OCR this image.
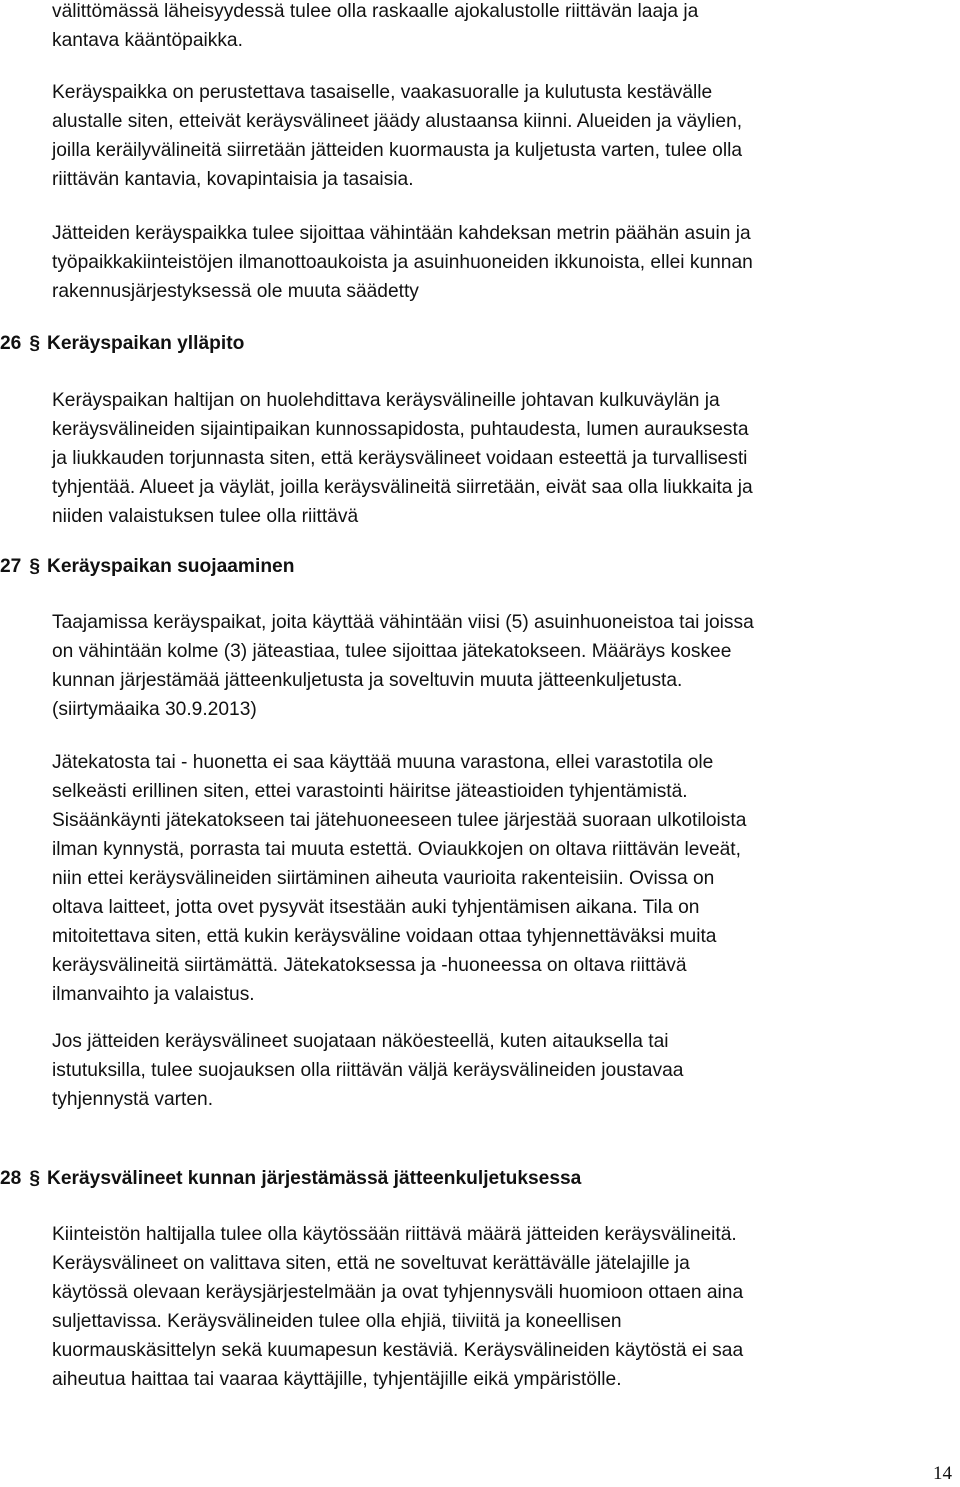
välittömässä läheisyydessä tulee olla raskaalle ajokalustolle riittävän laaja ja
kantava kääntöpaikka.
Keräyspaikka on perustettava tasaiselle, vaakasuoralle ja kulutusta kestävälle
alustalle siten, etteivät keräysvälineet jäädy alustaansa kiinni. Alueiden ja väylien,
joilla keräilyvälineitä siirretään jätteiden kuormausta ja kuljetusta varten, tulee olla
riittävän kantavia, kovapintaisia ja tasaisia.
Jätteiden keräyspaikka tulee sijoittaa vähintään kahdeksan metrin päähän asuin ja
työpaikkakiinteistöjen ilmanottoaukoista ja asuinhuoneiden ikkunoista, ellei kunnan
rakennusjärjestyksessä ole muuta säädetty
26 § Keräyspaikan ylläpito
Keräyspaikan haltijan on huolehdittava keräysvälineille johtavan kulkuväylän ja
keräysvälineiden sijaintipaikan kunnossapidosta, puhtaudesta, lumen aurauksesta
ja liukkauden torjunnasta siten, että keräysvälineet voidaan esteettä ja turvallisesti
tyhjentää. Alueet ja väylät, joilla keräysvälineitä siirretään, eivät saa olla liukkaita ja
niiden valaistuksen tulee olla riittävä
27 § Keräyspaikan suojaaminen
Taajamissa keräyspaikat, joita käyttää vähintään viisi (5) asuinhuoneistoa tai joissa
on vähintään kolme (3) jäteastiaa, tulee sijoittaa jätekatokseen. Määräys koskee
kunnan järjestämää jätteenkuljetusta ja soveltuvin muuta jätteenkuljetusta.
(siirtymäaika 30.9.2013)
Jätekatosta tai - huonetta ei saa käyttää muuna varastona, ellei varastotila ole
selkeästi erillinen siten, ettei varastointi häiritse jäteastioiden tyhjentämistä.
Sisäänkäynti jätekatokseen tai jätehuoneeseen tulee järjestää suoraan ulkotiloista
ilman kynnystä, porrasta tai muuta estettä. Oviaukkojen on oltava riittävän leveät,
niin ettei keräysvälineiden siirtäminen aiheuta vaurioita rakenteisiin. Ovissa on
oltava laitteet, jotta ovet pysyvät itsestään auki tyhjentämisen aikana. Tila on
mitoitettava siten, että kukin keräysväline voidaan ottaa tyhjennettäväksi muita
keräysvälineitä siirtämättä. Jätekatoksessa ja -huoneessa on oltava riittävä
ilmanvaihto ja valaistus.
Jos jätteiden keräysvälineet suojataan näköesteellä, kuten aitauksella tai
istutuksilla, tulee suojauksen olla riittävän väljä keräysvälineiden joustavaa
tyhjennystä varten.
28 § Keräysvälineet kunnan järjestämässä jätteenkuljetuksessa
Kiinteistön haltijalla tulee olla käytössään riittävä määrä jätteiden keräysvälineitä.
Keräysvälineet on valittava siten, että ne soveltuvat kerättävälle jätelajille ja
käytössä olevaan keräysjärjestelmään ja ovat tyhjennysväli huomioon ottaen aina
suljettavissa. Keräysvälineiden tulee olla ehjiä, tiiviitä ja koneellisen
kuormauskäsittelyn sekä kuumapesun kestäviä. Keräysvälineiden käytöstä ei saa
aiheutua haittaa tai vaaraa käyttäjille, tyhjentäjille eikä ympäristölle.
14
